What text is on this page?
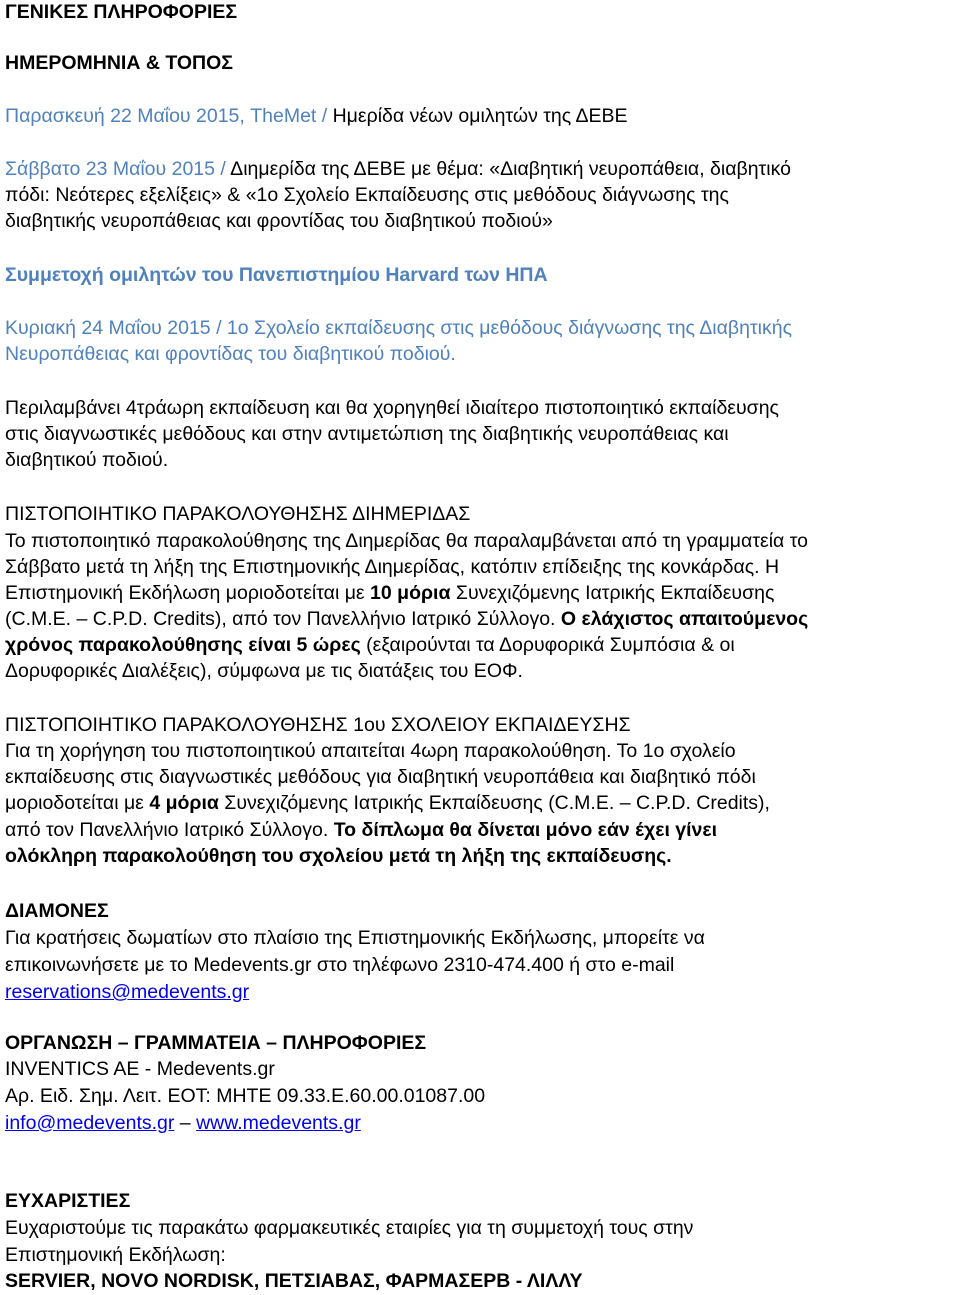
ΓΕΝΙΚΕΣ ΠΛΗΡΟΦΟΡΙΕΣ
ΗΜΕΡΟΜΗΝΙΑ & ΤΟΠΟΣ
Παρασκευή 22 Μαΐου 2015, TheMet / Ημερίδα νέων ομιλητών της ΔΕΒΕ
Σάββατο 23 Μαΐου 2015 / Διημερίδα της ΔΕΒΕ με θέμα: «Διαβητική νευροπάθεια, διαβητικό
πόδι: Νεότερες εξελίξεις» & «1ο Σχολείο Εκπαίδευσης στις μεθόδους διάγνωσης της
διαβητικής νευροπάθειας και φροντίδας του διαβητικού ποδιού»
Συμμετοχή ομιλητών του Πανεπιστημίου Harvard των ΗΠΑ
Κυριακή 24 Μαΐου 2015 / 1ο Σχολείο εκπαίδευσης στις μεθόδους διάγνωσης της Διαβητικής
Νευροπάθειας και φροντίδας του διαβητικού ποδιού.
Περιλαμβάνει 4τράωρη εκπαίδευση και θα χορηγηθεί ιδιαίτερο πιστοποιητικό εκπαίδευσης
στις διαγνωστικές μεθόδους και στην αντιμετώπιση της διαβητικής νευροπάθειας και
διαβητικού ποδιού.
ΠΙΣΤΟΠΟΙΗΤΙΚΟ ΠΑΡΑΚΟΛΟΥΘΗΣΗΣ ΔΙΗΜΕΡΙΔΑΣ
Το πιστοποιητικό παρακολούθησης της Διημερίδας θα παραλαμβάνεται από τη γραμματεία το
Σάββατο μετά τη λήξη της Επιστημονικής Διημερίδας, κατόπιν επίδειξης της κονκάρδας. Η
Επιστημονική Εκδήλωση μοριοδοτείται με 10 μόρια Συνεχιζόμενης Ιατρικής Εκπαίδευσης
(C.M.E. – C.P.D. Credits), από τον Πανελλήνιο Ιατρικό Σύλλογο. Ο ελάχιστος απαιτούμενος
χρόνος παρακολούθησης είναι 5 ώρες (εξαιρούνται τα Δορυφορικά Συμπόσια & οι
Δορυφορικές Διαλέξεις), σύμφωνα με τις διατάξεις του ΕΟΦ.
ΠΙΣΤΟΠΟΙΗΤΙΚΟ ΠΑΡΑΚΟΛΟΥΘΗΣΗΣ 1ου ΣΧΟΛΕΙΟΥ ΕΚΠΑΙΔΕΥΣΗΣ
Για τη χορήγηση του πιστοποιητικού απαιτείται 4ωρη παρακολούθηση. Το 1ο σχολείο
εκπαίδευσης στις διαγνωστικές μεθόδους για διαβητική νευροπάθεια και διαβητικό πόδι
μοριοδοτείται με 4 μόρια Συνεχιζόμενης Ιατρικής Εκπαίδευσης (C.M.E. – C.P.D. Credits),
από τον Πανελλήνιο Ιατρικό Σύλλογο. Το δίπλωμα θα δίνεται μόνο εάν έχει γίνει
ολόκληρη παρακολούθηση του σχολείου μετά τη λήξη της εκπαίδευσης.
ΔΙΑΜΟΝΕΣ
Για κρατήσεις δωματίων στο πλαίσιο της Επιστημονικής Εκδήλωσης, μπορείτε να
επικοινωνήσετε με το Medevents.gr στο τηλέφωνο 2310-474.400 ή στο e-mail
reservations@medevents.gr
ΟΡΓΑΝΩΣΗ – ΓΡΑΜΜΑΤΕΙΑ – ΠΛΗΡΟΦΟΡΙΕΣ
INVENTICS AE - Medevents.gr
Αρ. Ειδ. Σημ. Λειτ. ΕΟΤ: ΜΗΤΕ 09.33.Ε.60.00.01087.00
info@medevents.gr – www.medevents.gr
ΕΥΧΑΡΙΣΤΙΕΣ
Ευχαριστούμε τις παρακάτω φαρμακευτικές εταιρίες για τη συμμετοχή τους στην
Επιστημονική Εκδήλωση:
SERVIER, NOVO NORDISK, ΠΕΤΣΙΑΒΑΣ, ΦΑΡΜΑΣΕΡΒ - ΛΙΛΛΥ
